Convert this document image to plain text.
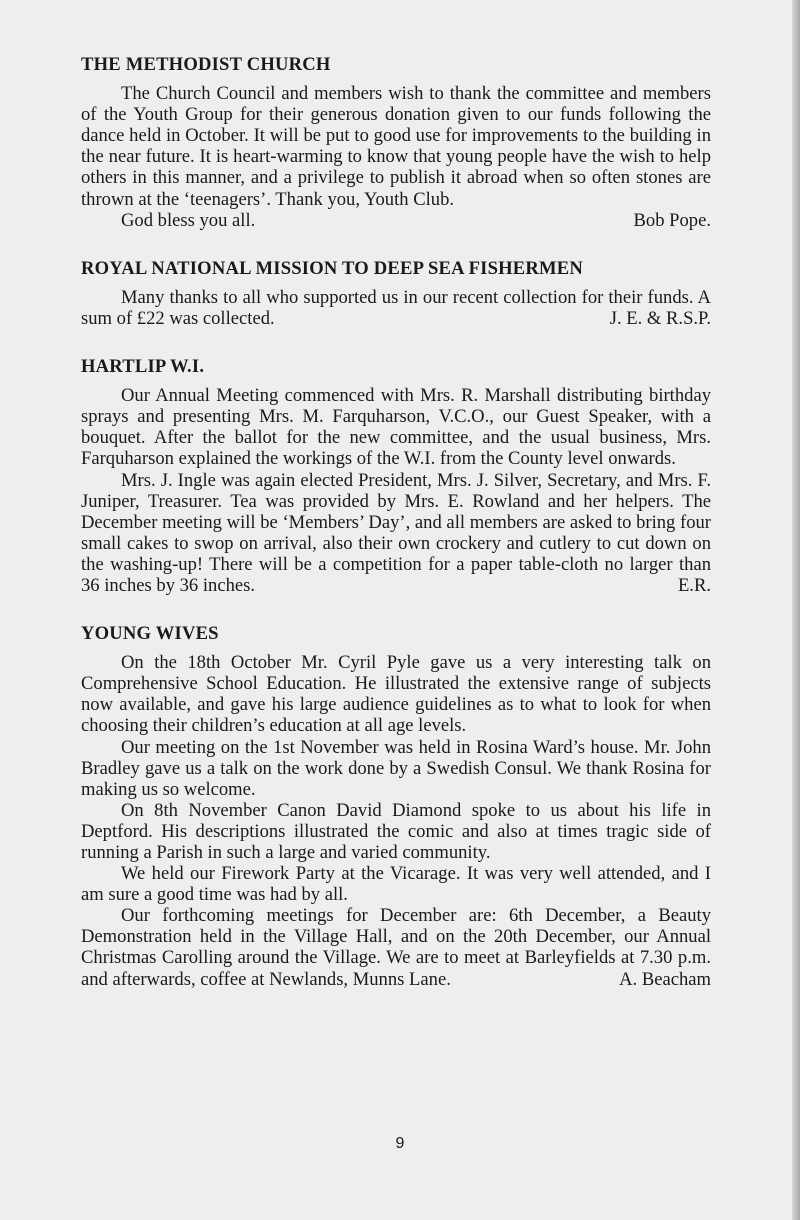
THE METHODIST CHURCH

The Church Council and members wish to thank the committee and members of the Youth Group for their generous donation given to our funds following the dance held in October. It will be put to good use for improvements to the building in the near future. It is heart-warming to know that young people have the wish to help others in this manner, and a privilege to publish it abroad when so often stones are thrown at the ‘teenagers’. Thank you, Youth Club.

God bless you all.	Bob Pope.

ROYAL NATIONAL MISSION TO DEEP SEA FISHERMEN

Many thanks to all who supported us in our recent collection for their funds. A sum of £22 was collected.	J. E. & R.S.P.

HARTLIP W.I.

Our Annual Meeting commenced with Mrs. R. Marshall distributing birthday sprays and presenting Mrs. M. Farquharson, V.C.O., our Guest Speaker, with a bouquet. After the ballot for the new committee, and the usual business, Mrs. Farquharson explained the workings of the W.I. from the County level onwards.

Mrs. J. Ingle was again elected President, Mrs. J. Silver, Secretary, and Mrs. F. Juniper, Treasurer. Tea was provided by Mrs. E. Rowland and her helpers. The December meeting will be ‘Members’ Day’, and all members are asked to bring four small cakes to swop on arrival, also their own crockery and cutlery to cut down on the washing-up! There will be a competition for a paper table-cloth no larger than 36 inches by 36 inches.	E.R.

YOUNG WIVES

On the 18th October Mr. Cyril Pyle gave us a very interesting talk on Comprehensive School Education. He illustrated the extensive range of subjects now available, and gave his large audience guidelines as to what to look for when choosing their children’s education at all age levels.

Our meeting on the 1st November was held in Rosina Ward’s house. Mr. John Bradley gave us a talk on the work done by a Swedish Consul. We thank Rosina for making us so welcome.

On 8th November Canon David Diamond spoke to us about his life in Deptford. His descriptions illustrated the comic and also at times tragic side of running a Parish in such a large and varied community.

We held our Firework Party at the Vicarage. It was very well attended, and I am sure a good time was had by all.

Our forthcoming meetings for December are: 6th December, a Beauty Demonstration held in the Village Hall, and on the 20th December, our Annual Christmas Carolling around the Village. We are to meet at Barleyfields at 7.30 p.m. and afterwards, coffee at Newlands, Munns Lane.	A. Beacham

9
